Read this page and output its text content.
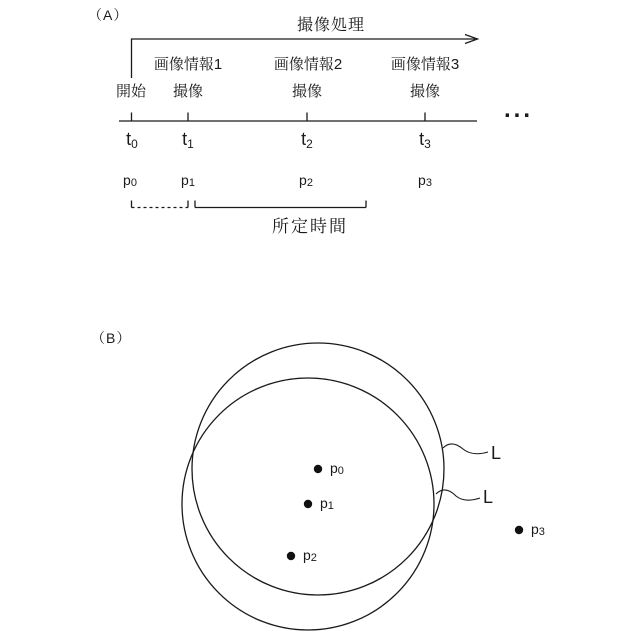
（A）
撮像処理
画像情報1	画像情報2	画像情報3
開始 撮像	撮像	撮像
...
$t_0$ $t_1$	$t_2$	$t_3$
p0	p1	p2	p3
所定時間
（B）
p0
p1
p2
p3
L
L
